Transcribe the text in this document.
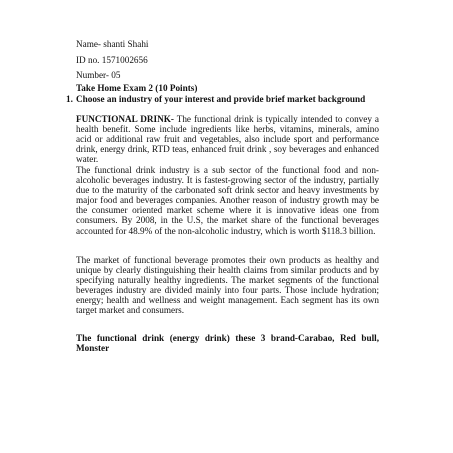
Name- shanti Shahi
ID no. 1571002656
Number- 05
Take Home Exam 2 (10 Points)
1. Choose an industry of your interest and provide brief market background
FUNCTIONAL DRINK- The functional drink is typically intended to convey a health benefit. Some include ingredients like herbs, vitamins, minerals, amino acid or additional raw fruit and vegetables, also include sport and performance drink, energy drink, RTD teas, enhanced fruit drink , soy beverages and enhanced water.
The functional drink industry is a sub sector of the functional food and non- alcoholic beverages industry. It is fastest-growing sector of the industry, partially due to the maturity of the carbonated soft drink sector and heavy investments by major food and beverages companies. Another reason of industry growth may be the consumer oriented market scheme where it is innovative ideas one from consumers. By 2008, in the U.S, the market share of the functional beverages accounted for 48.9% of the non-alcoholic industry, which is worth $118.3 billion.
The market of functional beverage promotes their own products as healthy and unique by clearly distinguishing their health claims from similar products and by specifying naturally healthy ingredients. The market segments of the functional beverages industry are divided mainly into four parts. Those include hydration; energy; health and wellness and weight management. Each segment has its own target market and consumers.
The functional drink (energy drink) these 3 brand-Carabao, Red bull, Monster
